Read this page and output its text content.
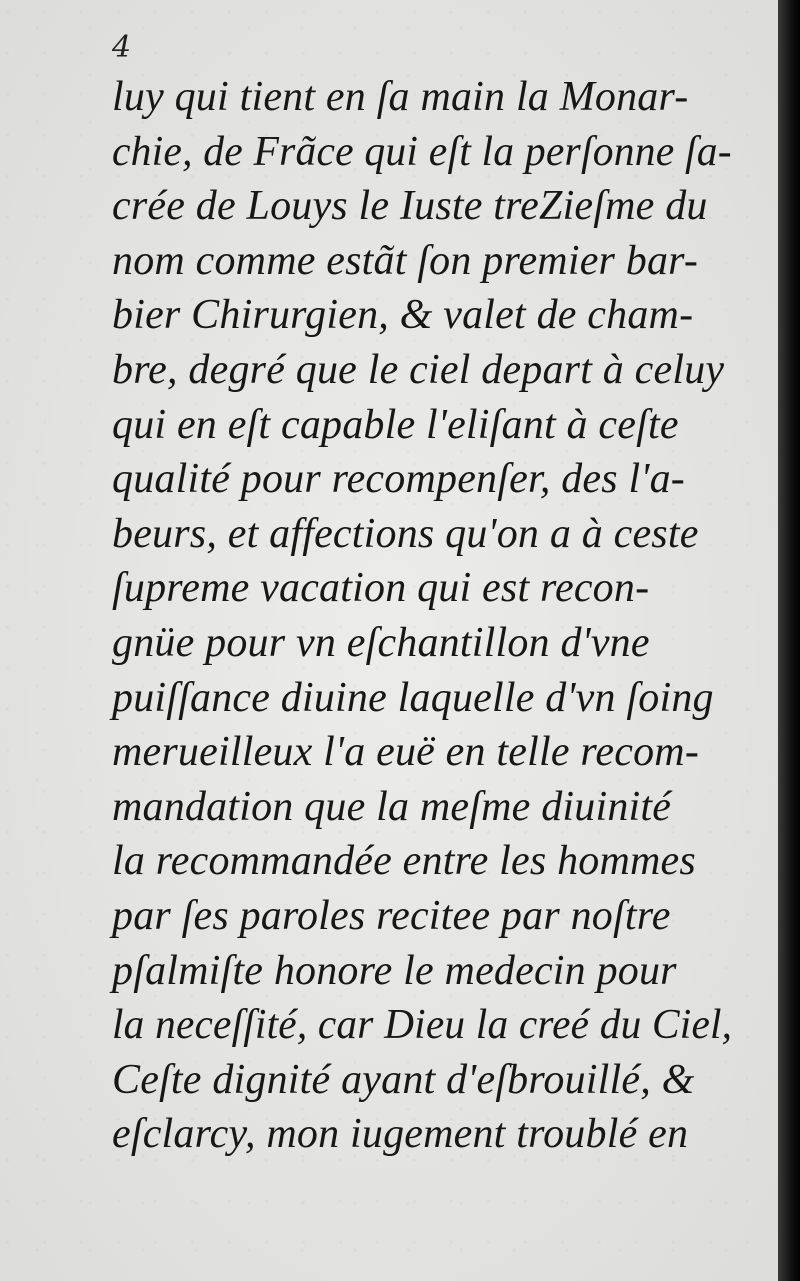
4
luy qui tient en ſa main la Monar-
chie, de Frãce qui eſt la perſonne ſa-
crée de Louys le Iuste treZieſme du
nom comme estãt ſon premier bar-
bier Chirurgien, & valet de cham-
bre, degré que le ciel depart à celuy
qui en eſt capable l'eliſant à ceſte
qualité pour recompenſer, des l'a-
beurs, et affections qu'on a à ceste
ſupreme vacation qui est recon-
gnüe pour vn eſchantillon d'vne
puiſſance diuine laquelle d'vn ſoing
merueilleux l'a euë en telle recom-
mandation que la meſme diuinité
la recommandée entre les hommes
par ſes paroles recitee par noſtre
pſalmiſte honore le medecin pour
la neceſſité, car Dieu la creé du Ciel,
Ceſte dignité ayant d'eſbrouillé, &
eſclarcy, mon iugement troublé en
